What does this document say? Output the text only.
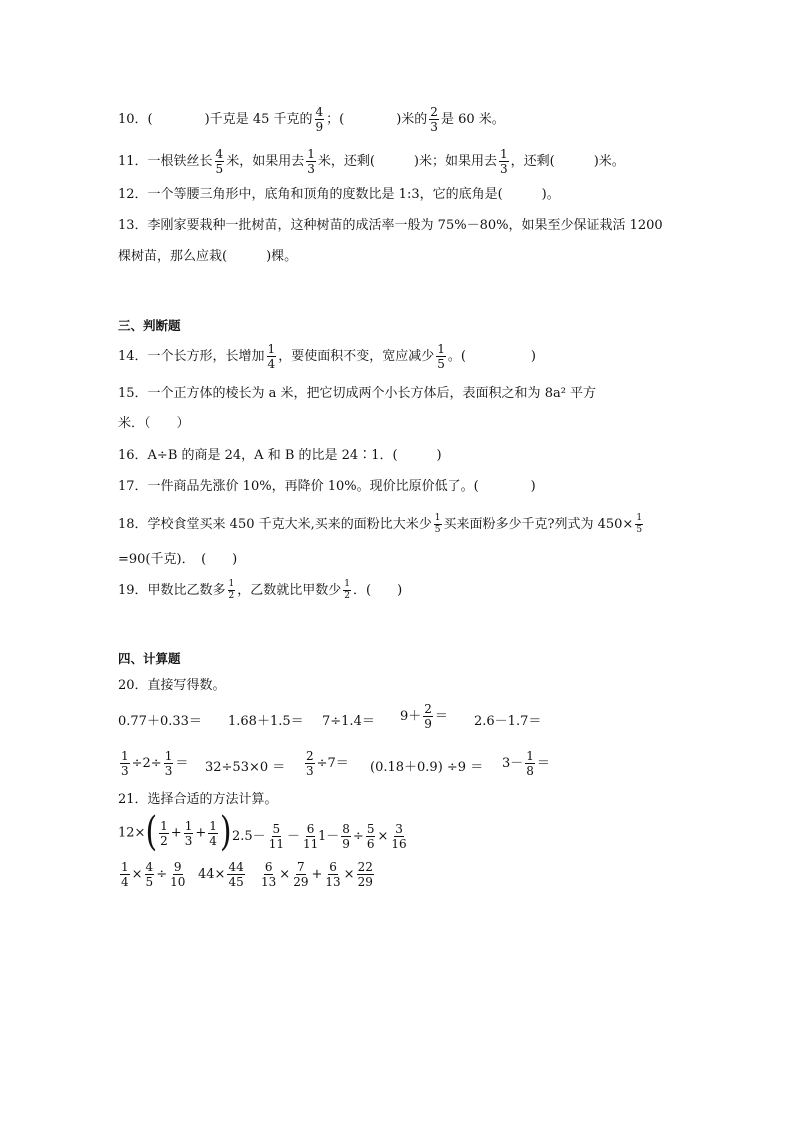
10．(　　　　)千克是 45 千克的 $\frac{4}{9}$ ；(　　　　)米的 $\frac{2}{3}$ 是 60 米。
11．一根铁丝长 $\frac{4}{5}$ 米，如果用去 $\frac{1}{3}$ 米，还剩(　　　)米；如果用去 $\frac{1}{3}$ ，还剩(　　　)米。
12．一个等腰三角形中，底角和顶角的度数比是 1:3，它的底角是(　　　)。
13．李刚家要栽种一批树苗，这种树苗的成活率一般为 75%－80%，如果至少保证栽活 1200
棵树苗，那么应栽(　　　)棵。
三、判断题
14．一个长方形，长增加 $\frac{1}{4}$ ，要使面积不变，宽应减少 $\frac{1}{5}$ 。(　　　　　)
15．一个正方体的棱长为 a 米，把它切成两个小长方体后，表面积之和为 8a² 平方
米．（　　）
16．A÷B 的商是 24，A 和 B 的比是 24∶1．(　　　)
17．一件商品先涨价 10%，再降价 10%。现价比原价低了。(　　　　)
18．学校食堂买来 450 千克大米,买来的面粉比大米少 $\frac{1}{5}$ 买来面粉多少千克?列式为 $450\times \frac{1}{5}$
=90(千克)．　(　　)
19．甲数比乙数多 $\frac{1}{2}$ ，乙数就比甲数少 $\frac{1}{2}$ ．(　　)
四、计算题
20．直接写得数。
$0.77+0.33= 1.68+1.5= 7\div 1.4= 9+ \frac{2}{9} = 2.6-1.7=$
$\frac{1}{3} \div 2\div \frac{1}{3} = 32\div 53\times 0 = \frac{2}{3} \div 7= (0.18+0.9) \div 9 = 3- \frac{1}{8}$ ＝
21．选择合适的方法计算。
$12\times( \frac{1}{2} + \frac{1}{3} + \frac{1}{4}$ ) $2.5- \frac{5}{11} - \frac{6}{11}$
$1- \frac{8}{9} \div \frac{5}{6} \times \frac{3}{16}$
$\frac{1}{4} \times \frac{4}{5} \div \frac{9}{10} 44\times \frac{44}{45} \frac{6}{13} \times \frac{7}{29} + \frac{6}{13} \times \frac{22}{29}$
